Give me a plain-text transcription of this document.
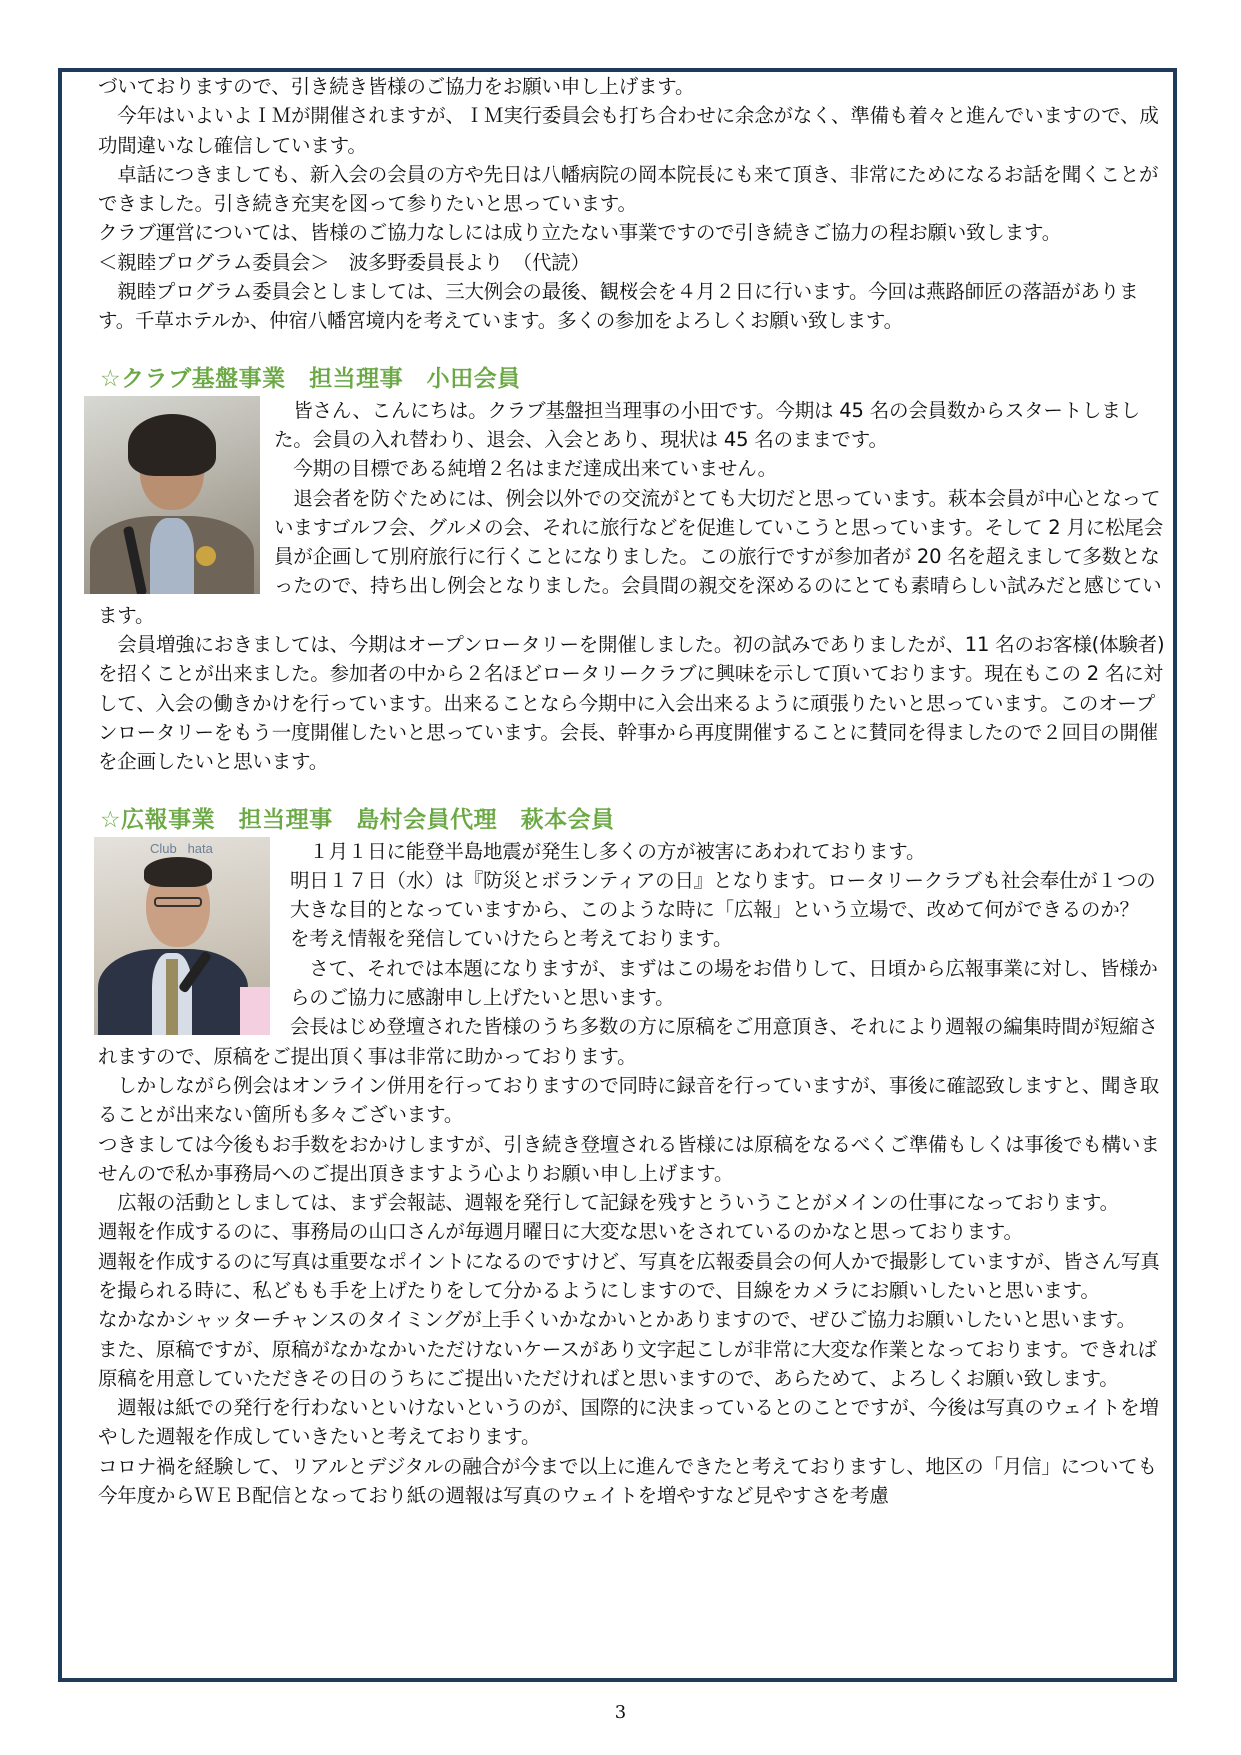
づいておりますので、引き続き皆様のご協力をお願い申し上げます。

　今年はいよいよＩＭが開催されますが、ＩＭ実行委員会も打ち合わせに余念がなく、準備も着々と進んでいますので、成功間違いなし確信しています。

　卓話につきましても、新入会の会員の方や先日は八幡病院の岡本院長にも来て頂き、非常にためになるお話を聞くことができました。引き続き充実を図って参りたいと思っています。

クラブ運営については、皆様のご協力なしには成り立たない事業ですので引き続きご協力の程お願い致します。

＜親睦プログラム委員会＞　波多野委員長より　（代読）

　親睦プログラム委員会としましては、三大例会の最後、観桜会を４月２日に行います。今回は燕路師匠の落語があります。千草ホテルか、仲宿八幡宮境内を考えています。多くの参加をよろしくお願い致します。

☆クラブ基盤事業　担当理事　小田会員

　皆さん、こんにちは。クラブ基盤担当理事の小田です。今期は 45 名の会員数からスタートしました。会員の入れ替わり、退会、入会とあり、現状は 45 名のままです。

　今期の目標である純増２名はまだ達成出来ていません。

　退会者を防ぐためには、例会以外での交流がとても大切だと思っています。萩本会員が中心となっていますゴルフ会、グルメの会、それに旅行などを促進していこうと思っています。そして 2 月に松尾会員が企画して別府旅行に行くことになりました。この旅行ですが参加者が 20 名を超えまして多数となったので、持ち出し例会となりました。会員間の親交を深めるのにとても素晴らしい試みだと感じています。

　会員増強におきましては、今期はオープンロータリーを開催しました。初の試みでありましたが、11 名のお客様(体験者)を招くことが出来ました。参加者の中から２名ほどロータリークラブに興味を示して頂いております。現在もこの 2 名に対して、入会の働きかけを行っています。出来ることなら今期中に入会出来るように頑張りたいと思っています。このオープンロータリーをもう一度開催したいと思っています。会長、幹事から再度開催することに賛同を得ましたので２回目の開催を企画したいと思います。

☆広報事業　担当理事　島村会員代理　萩本会員
Club   hata	　１月１日に能登半島地震が発生し多くの方が被害にあわれております。

明日１７日（水）は『防災とボランティアの日』となります。ロータリークラブも社会奉仕が１つの大きな目的となっていますから、このような時に「広報」という立場で、改めて何ができるのか？　を考え情報を発信していけたらと考えております。

　さて、それでは本題になりますが、まずはこの場をお借りして、日頃から広報事業に対し、皆様からのご協力に感謝申し上げたいと思います。

会長はじめ登壇された皆様のうち多数の方に原稿をご用意頂き、それにより週報の編集時間が短縮されますので、原稿をご提出頂く事は非常に助かっております。

　しかしながら例会はオンライン併用を行っておりますので同時に録音を行っていますが、事後に確認致しますと、聞き取ることが出来ない箇所も多々ございます。

つきましては今後もお手数をおかけしますが、引き続き登壇される皆様には原稿をなるべくご準備もしくは事後でも構いませんので私か事務局へのご提出頂きますよう心よりお願い申し上げます。

　広報の活動としましては、まず会報誌、週報を発行して記録を残すとういうことがメインの仕事になっております。

週報を作成するのに、事務局の山口さんが毎週月曜日に大変な思いをされているのかなと思っております。

週報を作成するのに写真は重要なポイントになるのですけど、写真を広報委員会の何人かで撮影していますが、皆さん写真を撮られる時に、私どもも手を上げたりをして分かるようにしますので、目線をカメラにお願いしたいと思います。

なかなかシャッターチャンスのタイミングが上手くいかなかいとかありますので、ぜひご協力お願いしたいと思います。

また、原稿ですが、原稿がなかなかいただけないケースがあり文字起こしが非常に大変な作業となっております。できれば原稿を用意していただきその日のうちにご提出いただければと思いますので、あらためて、よろしくお願い致します。

　週報は紙での発行を行わないといけないというのが、国際的に決まっているとのことですが、今後は写真のウェイトを増やした週報を作成していきたいと考えております。

コロナ禍を経験して、リアルとデジタルの融合が今まで以上に進んできたと考えておりますし、地区の「月信」についても今年度からＷＥＢ配信となっており紙の週報は写真のウェイトを増やすなど見やすさを考慮

3
